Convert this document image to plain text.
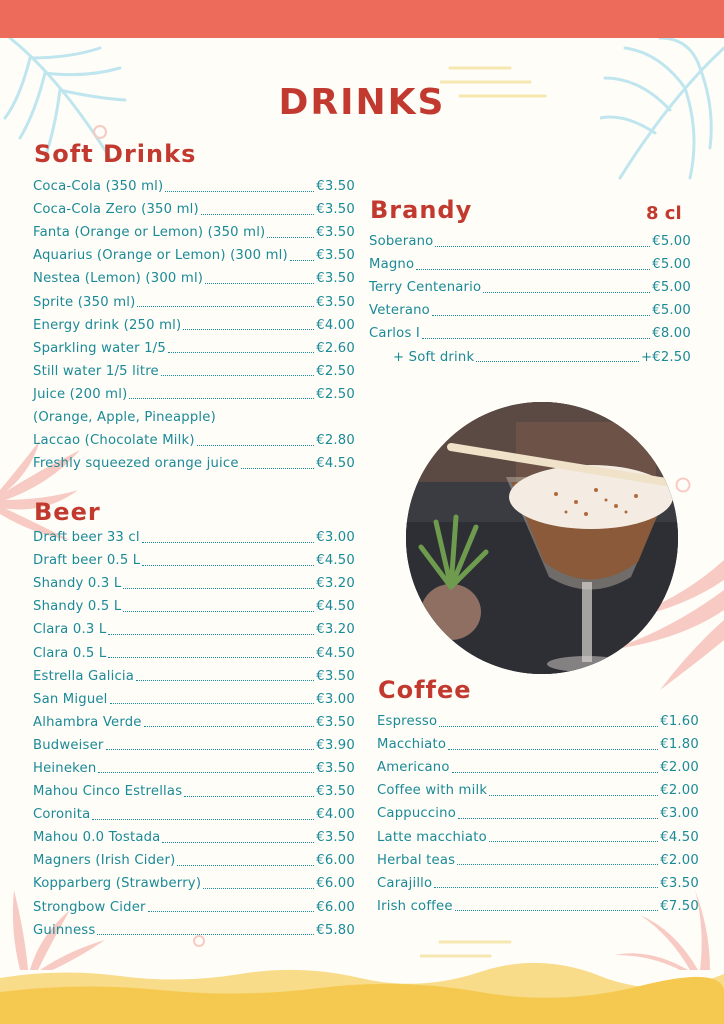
DRINKS
Soft Drinks
Coca-Cola (350 ml)	€3.50
Coca-Cola Zero (350 ml)	€3.50
Fanta (Orange or Lemon) (350 ml)	€3.50
Aquarius (Orange or Lemon) (300 ml) €3.50
Nestea (Lemon) (300 ml)	€3.50
Sprite (350 ml)	€3.50
Energy drink (250 ml)	€4.00
Sparkling water 1/5	€2.60
Still water 1/5 litre	€2.50
Juice (200 ml)	€2.50
(Orange, Apple, Pineapple)
Laccao (Chocolate Milk)	€2.80
Freshly squeezed orange juice	€4.50
Beer
Draft beer 33 cl	€3.00
Draft beer 0.5 L	€4.50
Shandy 0.3 L	€3.20
Shandy 0.5 L	€4.50
Clara 0.3 L	€3.20
Clara 0.5 L	€4.50
Estrella Galicia	€3.50
San Miguel	€3.00
Alhambra Verde	€3.50
Budweiser	€3.90
Heineken	€3.50
Mahou Cinco Estrellas	€3.50
Coronita	€4.00
Mahou 0.0 Tostada	€3.50
Magners (Irish Cider)	€6.00
Kopparberg (Strawberry)	€6.00
Strongbow Cider	€6.00
Guinness	€5.80
Brandy	8 cl
Soberano	€5.00
Magno	€5.00
Terry Centenario	€5.00
Veterano	€5.00
Carlos I	€8.00
+ Soft drink	+€2.50
Coffee
Espresso	€1.60
Macchiato	€1.80
Americano	€2.00
Coffee with milk	€2.00
Cappuccino	€3.00
Latte macchiato	€4.50
Herbal teas	€2.00
Carajillo	€3.50
Irish coffee	€7.50
